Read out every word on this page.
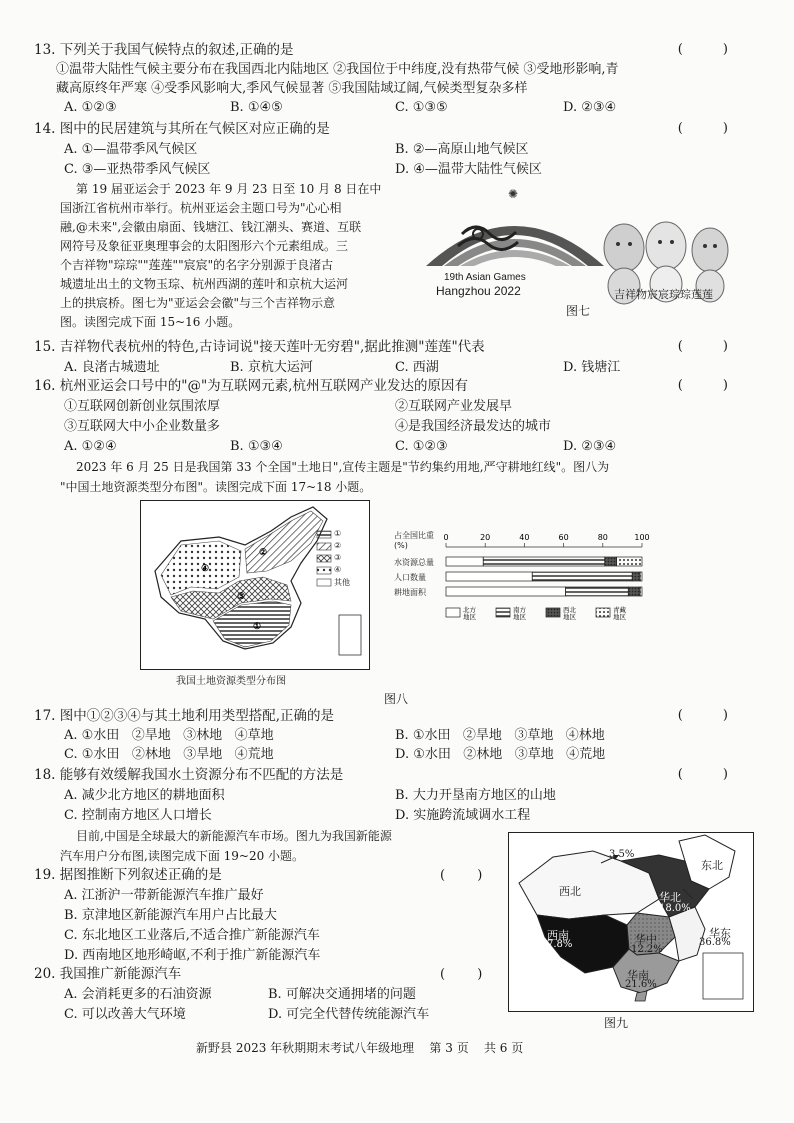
13. 下列关于我国气候特点的叙述,正确的是	( )
①温带大陆性气候主要分布在我国西北内陆地区 ②我国位于中纬度,没有热带气候 ③受地形影响,青
藏高原终年严寒 ④受季风影响大,季风气候显著 ⑤我国陆域辽阔,气候类型复杂多样
A. ①②③	B. ①④⑤	C. ①③⑤	D. ②③④
14. 图中的民居建筑与其所在气候区对应正确的是	( )
A. ①—温带季风气候区	B. ②—高原山地气候区
C. ③—亚热带季风气候区	D. ④—温带大陆性气候区
第 19 届亚运会于 2023 年 9 月 23 日至 10 月 8 日在中
国浙江省杭州市举行。杭州亚运会主题口号为"心心相
融,@未来",会徽由扇面、钱塘江、钱江潮头、赛道、互联
网符号及象征亚奥理事会的太阳图形六个元素组成。三
个吉祥物"琮琮""莲莲""宸宸"的名字分别源于良渚古
城遗址出土的文物玉琮、杭州西湖的莲叶和京杭大运河
上的拱宸桥。图七为"亚运会会徽"与三个吉祥物示意
图。读图完成下面 15~16 小题。
✺
19th Asian Games
Hangzhou 2022	吉祥物宸宸琮琮莲莲
图七
15. 吉祥物代表杭州的特色,古诗词说"接天莲叶无穷碧",据此推测"莲莲"代表	( )
A. 良渚古城遗址	B. 京杭大运河	C. 西湖	D. 钱塘江
16. 杭州亚运会口号中的"@"为互联网元素,杭州互联网产业发达的原因有	( )
①互联网创新创业氛围浓厚	②互联网产业发展早
③互联网大中小企业数量多	④是我国经济最发达的城市
A. ①②④	B. ①③④	C. ①②③	D. ②③④
2023 年 6 月 25 日是我国第 33 个全国"土地日",宣传主题是"节约集约用地,严守耕地红线"。图八为
"中国土地资源类型分布图"。读图完成下面 17~18 小题。
④
②
③
①
①
②
③
④
其他
我国土地资源类型分布图
占全国比重(%)
水资源总量
人口数量
耕地面积
0	20	40	60	80	100
北方
地区
南方
地区
西北
地区
青藏
地区
图八
17. 图中①②③④与其土地利用类型搭配,正确的是	( )
A. ①水田 ②旱地 ③林地 ④草地	B. ①水田 ②旱地 ③草地 ④林地
C. ①水田 ②林地 ③旱地 ④荒地	D. ①水田 ②林地 ③草地 ④荒地
18. 能够有效缓解我国水土资源分布不匹配的方法是	( )
A. 减少北方地区的耕地面积	B. 大力开垦南方地区的山地
C. 控制南方地区人口增长	D. 实施跨流域调水工程
目前,中国是全球最大的新能源汽车市场。图九为我国新能源
汽车用户分布图,读图完成下面 19~20 小题。
19. 据图推断下列叙述正确的是	( )
A. 江浙沪一带新能源汽车推广最好
B. 京津地区新能源汽车用户占比最大
C. 东北地区工业落后,不适合推广新能源汽车
D. 西南地区地形崎岖,不利于推广新能源汽车
20. 我国推广新能源汽车	( )
A. 会消耗更多的石油资源	B. 可解决交通拥堵的问题
C. 可以改善大气环境	D. 可完全代替传统能源汽车
3.5%
东北
西北	华北
18.0%
西南
7.8%	华中
12.2%
华东
36.8%
华南
21.6%
图九
新野县 2023 年秋期期末考试八年级地理    第 3 页    共 6 页
